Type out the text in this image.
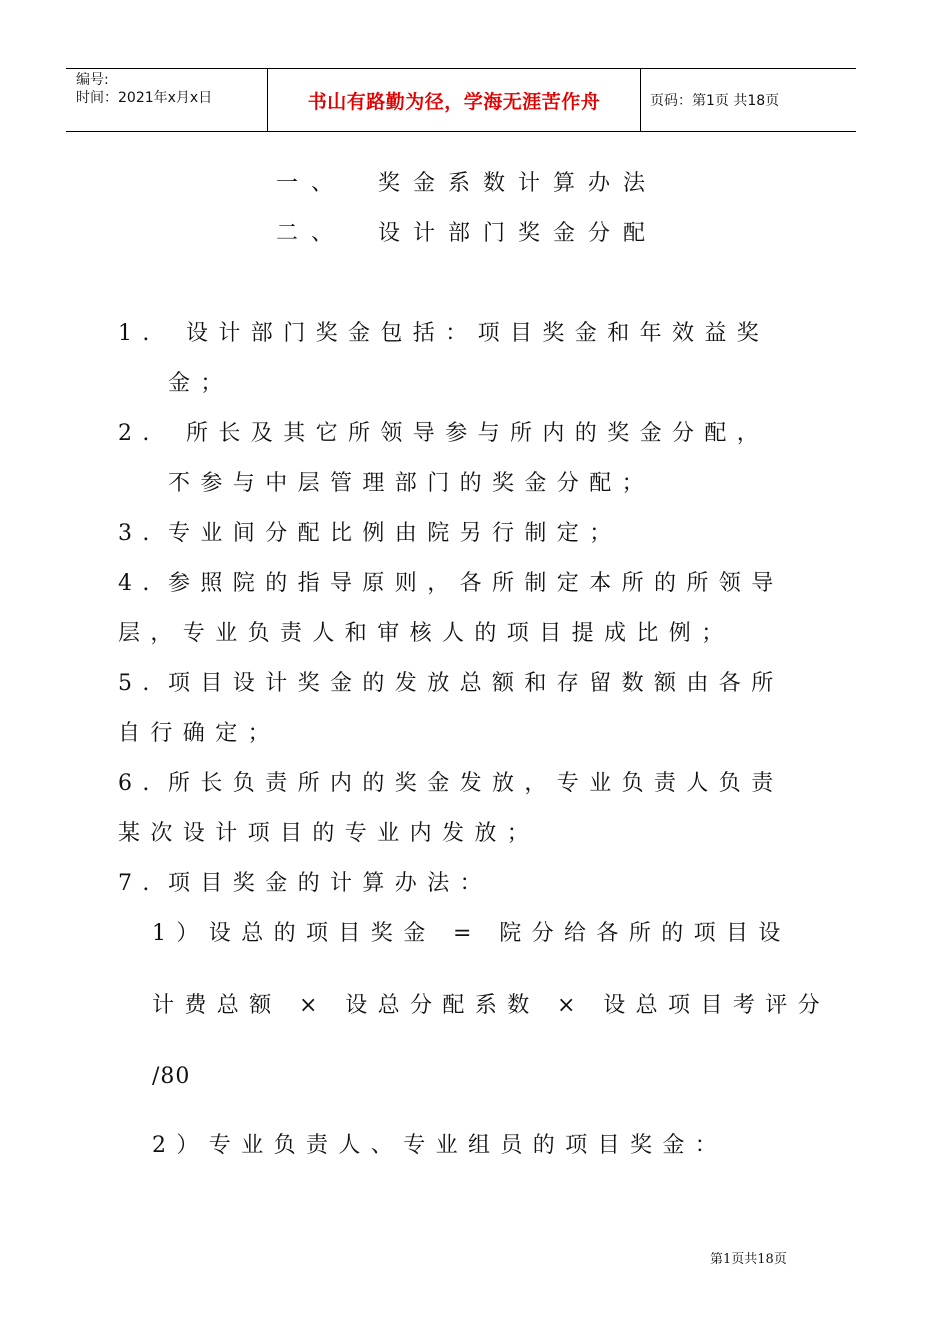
编号:
时间：2021年x月x日	书山有路勤为径，学海无涯苦作舟	页码：第1页 共18页
一、 奖金系数计算办法
二、 设计部门奖金分配
1. 设计部门奖金包括：项目奖金和年效益奖
金；
2. 所长及其它所领导参与所内的奖金分配，
不参与中层管理部门的奖金分配；
3. 专业间分配比例由院另行制定；
4. 参照院的指导原则，各所制定本所的所领导
层，专业负责人和审核人的项目提成比例；
5. 项目设计奖金的发放总额和存留数额由各所
自行确定；
6. 所长负责所内的奖金发放，专业负责人负责
某次设计项目的专业内发放；
7. 项目奖金的计算办法：
1）设总的项目奖金 = 院分给各所的项目设
计费总额 × 设总分配系数 × 设总项目考评分
/80
2）专业负责人、专业组员的项目奖金：
第1页共18页
